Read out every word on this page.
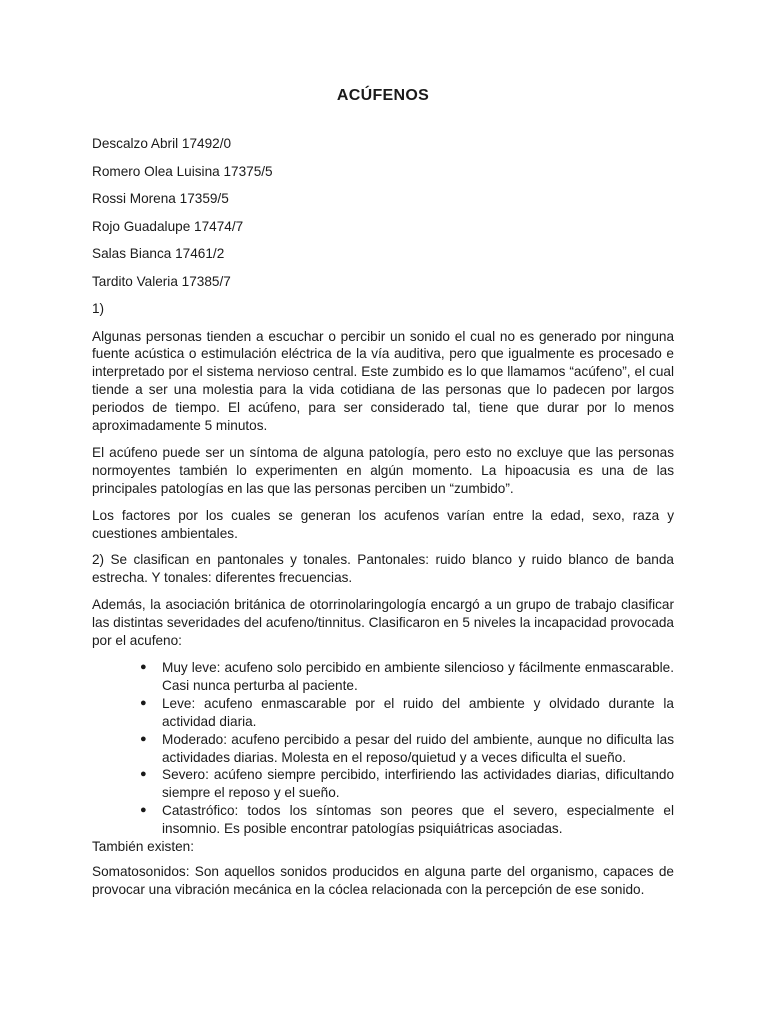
ACÚFENOS

Descalzo Abril 17492/0

Romero Olea Luisina 17375/5

Rossi Morena 17359/5

Rojo Guadalupe 17474/7

Salas Bianca 17461/2

Tardito Valeria 17385/7

1)

Algunas personas tienden a escuchar o percibir un sonido el cual no es generado por ninguna fuente acústica o estimulación eléctrica de la vía auditiva, pero que igualmente es procesado e interpretado por el sistema nervioso central. Este zumbido es lo que llamamos “acúfeno”, el cual tiende a ser una molestia para la vida cotidiana de las personas que lo padecen por largos periodos de tiempo. El acúfeno, para ser considerado tal, tiene que durar por lo menos aproximadamente 5 minutos.

El acúfeno puede ser un síntoma de alguna patología, pero esto no excluye que las personas normoyentes también lo experimenten en algún momento. La hipoacusia es una de las principales patologías en las que las personas perciben un “zumbido”.

Los factores por los cuales se generan los acufenos varían entre la edad, sexo, raza y cuestiones ambientales.

2) Se clasifican en pantonales y tonales. Pantonales: ruido blanco y ruido blanco de banda estrecha. Y tonales: diferentes frecuencias.

Además, la asociación británica de otorrinolaringología encargó a un grupo de trabajo clasificar las distintas severidades del acufeno/tinnitus. Clasificaron en 5 niveles la incapacidad provocada por el acufeno:

● Muy leve: acufeno solo percibido en ambiente silencioso y fácilmente enmascarable. Casi nunca perturba al paciente.
● Leve: acufeno enmascarable por el ruido del ambiente y olvidado durante la actividad diaria.
● Moderado: acufeno percibido a pesar del ruido del ambiente, aunque no dificulta las actividades diarias. Molesta en el reposo/quietud y a veces dificulta el sueño.
● Severo: acúfeno siempre percibido, interfiriendo las actividades diarias, dificultando siempre el reposo y el sueño.
● Catastrófico: todos los síntomas son peores que el severo, especialmente el insomnio. Es posible encontrar patologías psiquiátricas asociadas.

También existen:

Somatosonidos: Son aquellos sonidos producidos en alguna parte del organismo, capaces de provocar una vibración mecánica en la cóclea relacionada con la percepción de ese sonido.
